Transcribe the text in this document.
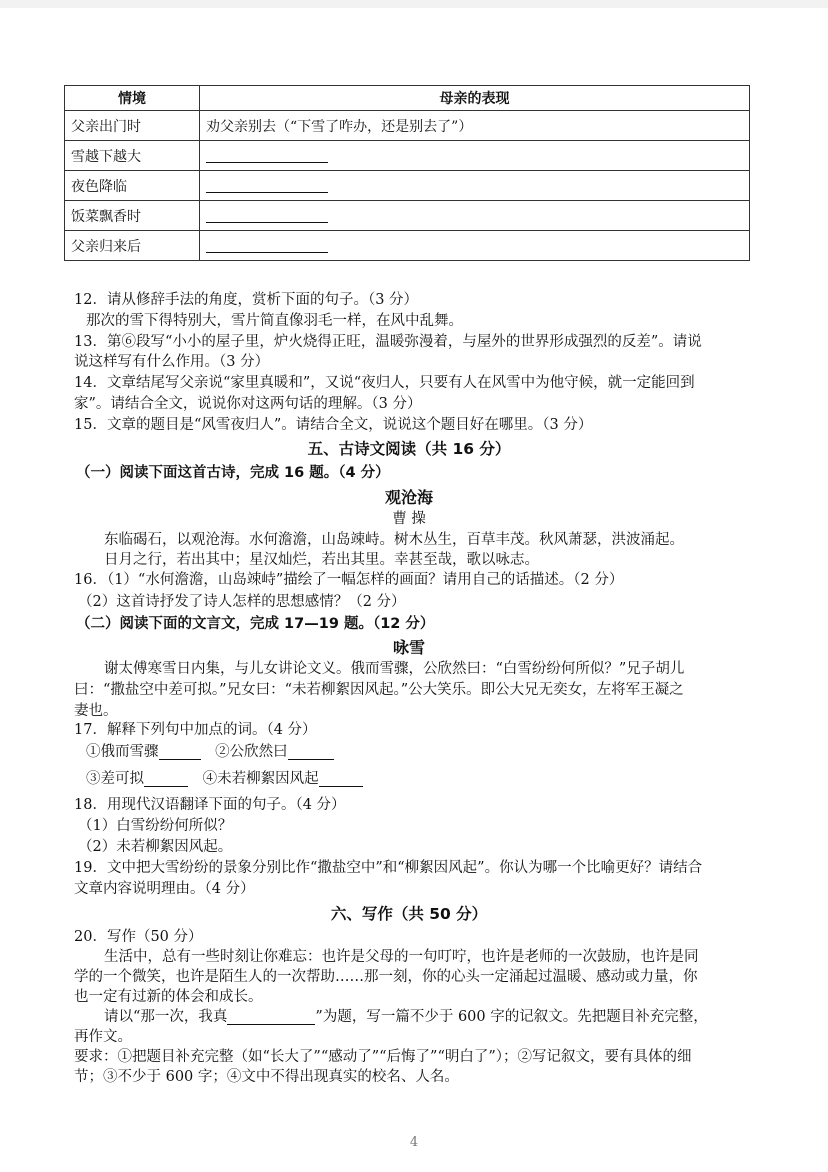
情境	母亲的表现
父亲出门时	劝父亲别去（“下雪了咋办，还是别去了”）
雪越下越大	
夜色降临	
饭菜飘香时	
父亲归来后	
12．请从修辞手法的角度，赏析下面的句子。（3 分）
那次的雪下得特别大，雪片简直像羽毛一样，在风中乱舞。
13．第⑥段写“小小的屋子里，炉火烧得正旺，温暖弥漫着，与屋外的世界形成强烈的反差”。请说
说这样写有什么作用。（3 分）
14．文章结尾写父亲说“家里真暖和”，又说“夜归人，只要有人在风雪中为他守候，就一定能回到
家”。请结合全文，说说你对这两句话的理解。（3 分）
15．文章的题目是“风雪夜归人”。请结合全文，说说这个题目好在哪里。（3 分）
五、古诗文阅读（共 16 分）
（一）阅读下面这首古诗，完成 16 题。（4 分）
观沧海
曹 操
东临碣石，以观沧海。水何澹澹，山岛竦峙。树木丛生，百草丰茂。秋风萧瑟，洪波涌起。
日月之行，若出其中；星汉灿烂，若出其里。幸甚至哉，歌以咏志。
16．（1）“水何澹澹，山岛竦峙”描绘了一幅怎样的画面？请用自己的话描述。（2 分）
（2）这首诗抒发了诗人怎样的思想感情？（2 分）
（二）阅读下面的文言文，完成 17—19 题。（12 分）
咏雪
谢太傅寒雪日内集，与儿女讲论文义。俄而雪骤，公欣然曰：“白雪纷纷何所似？”兄子胡儿
曰：“撒盐空中差可拟。”兄女曰：“未若柳絮因风起。”公大笑乐。即公大兄无奕女，左将军王凝之
妻也。
17．解释下列句中加点的词。（4 分）
①俄而雪骤	②公欣然曰
③差可拟	④未若柳絮因风起
18．用现代汉语翻译下面的句子。（4 分）
（1）白雪纷纷何所似？
（2）未若柳絮因风起。
19．文中把大雪纷纷的景象分别比作“撒盐空中”和“柳絮因风起”。你认为哪一个比喻更好？请结合
文章内容说明理由。（4 分）
六、写作（共 50 分）
20．写作（50 分）
生活中，总有一些时刻让你难忘：也许是父母的一句叮咛，也许是老师的一次鼓励，也许是同
学的一个微笑，也许是陌生人的一次帮助……那一刻，你的心头一定涌起过温暖、感动或力量，你
也一定有过新的体会和成长。
请以“那一次，我真	”为题，写一篇不少于 600 字的记叙文。先把题目补充完整，
再作文。
要求：①把题目补充完整（如“长大了”“感动了”“后悔了”“明白了”）；②写记叙文，要有具体的细
节；③不少于 600 字；④文中不得出现真实的校名、人名。
4
